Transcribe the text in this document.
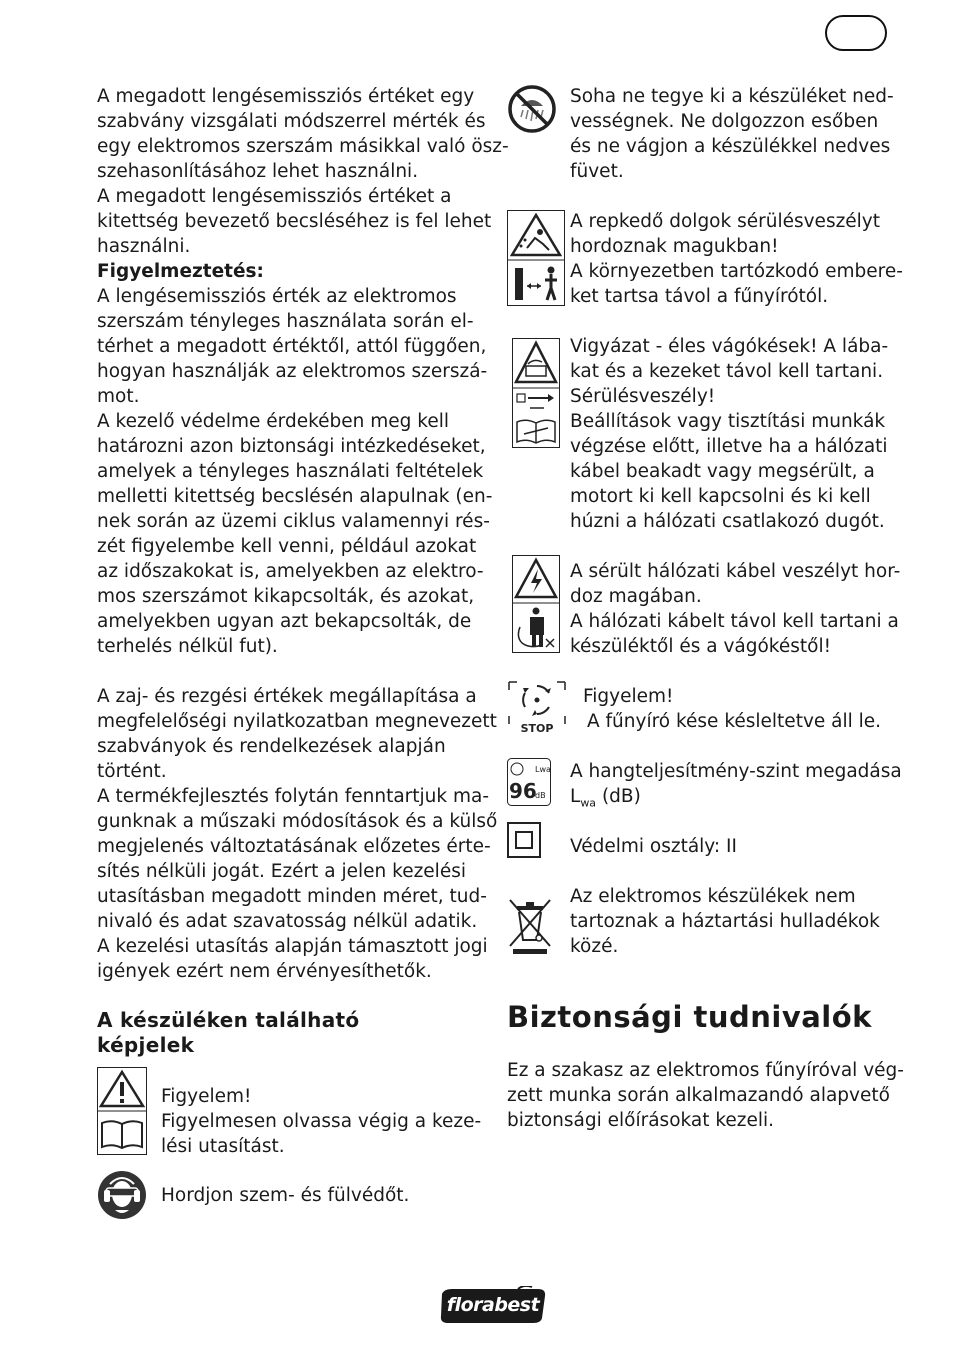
A megadott lengésemissziós értéket egy
szabvány vizsgálati módszerrel mérték és
egy elektromos szerszám másikkal való ösz-
szehasonlításához lehet használni.
A megadott lengésemissziós értéket a
kitettség bevezető becsléséhez is fel lehet
használni.

Figyelmeztetés:

A lengésemissziós érték az elektromos
szerszám tényleges használata során el-
térhet a megadott értéktől, attól függően,
hogyan használják az elektromos szerszá-
mot.
A kezelő védelme érdekében meg kell
határozni azon biztonsági intézkedéseket,
amelyek a tényleges használati feltételek
melletti kitettség becslésén alapulnak (en-
nek során az üzemi ciklus valamennyi rés-
zét figyelembe kell venni, például azokat
az időszakokat is, amelyekben az elektro-
mos szerszámot kikapcsolták, és azokat,
amelyekben ugyan azt bekapcsolták, de
terhelés nélkül fut).

A zaj- és rezgési értékek megállapítása a
megfelelőségi nyilatkozatban megnevezett
szabványok és rendelkezések alapján
történt.
A termékfejlesztés folytán fenntartjuk ma-
gunknak a műszaki módosítások és a külső
megjelenés változtatásának előzetes érte-
sítés nélküli jogát. Ezért a jelen kezelési
utasításban megadott minden méret, tud-
nivaló és adat szavatosság nélkül adatik.
A kezelési utasítás alapján támasztott jogi
igények ezért nem érvényesíthetők.

A készüléken található
képjelek

Figyelem!
Figyelmesen olvassa végig a keze-
lési utasítást.

Hordjon szem- és fülvédőt.

Soha ne tegye ki a készüléket ned-
vességnek. Ne dolgozzon esőben
és ne vágjon a készülékkel nedves
füvet.

A repkedő dolgok sérülésveszélyt
hordoznak magukban!
A környezetben tartózkodó embere-
ket tartsa távol a fűnyírótól.

Vigyázat - éles vágókések! A lába-
kat és a kezeket távol kell tartani.
Sérülésveszély!
Beállítások vagy tisztítási munkák
végzése előtt, illetve ha a hálózati
kábel beakadt vagy megsérült, a
motort ki kell kapcsolni és ki kell
húzni a hálózati csatlakozó dugót.

A sérült hálózati kábel veszélyt hor-
doz magában.
A hálózati kábelt távol kell tartani a
készüléktől és a vágókéstől!

STOP

Figyelem!

A fűnyíró kése késleltetve áll le.

Lwa
96
dB

A hangteljesítmény-szint megadása

$L_{wa}$ (dB)

Védelmi osztály: II

Az elektromos készülékek nem
tartoznak a háztartási hulladékok
közé.

Biztonsági tudnivalók

Ez a szakasz az elektromos fűnyíróval vég-
zett munka során alkalmazandó alapvető
biztonsági előírásokat kezeli.

florabest
